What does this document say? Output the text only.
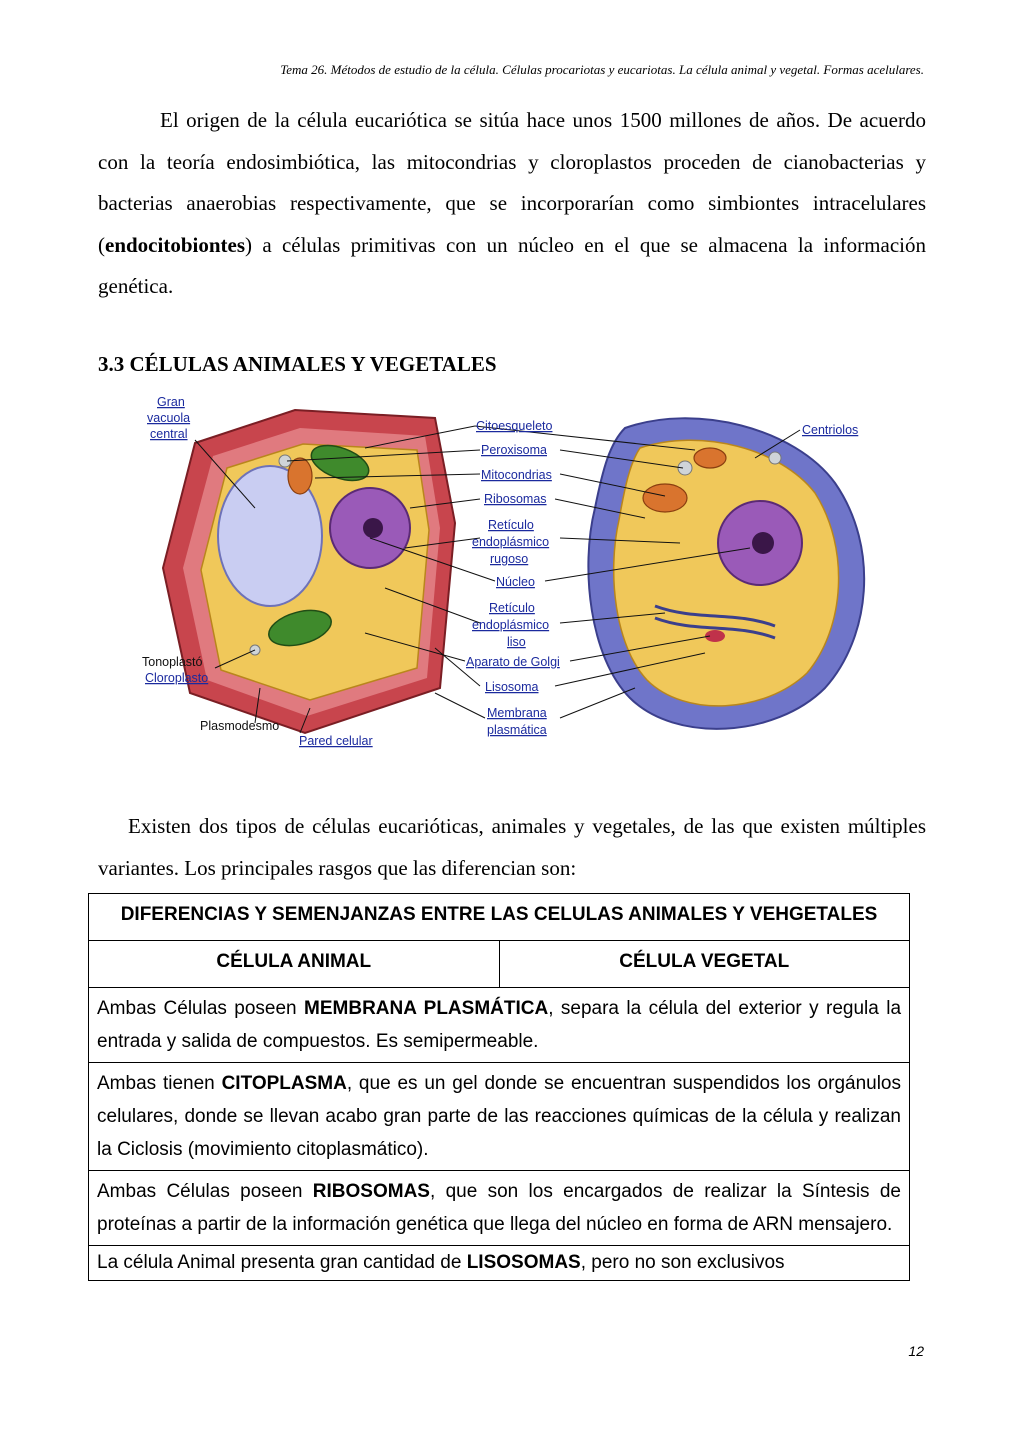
Tema 26. Métodos de estudio de la célula. Células procariotas y eucariotas. La célula animal y vegetal. Formas acelulares.
El origen de la célula eucariótica se sitúa hace unos 1500 millones de años. De acuerdo con la teoría endosimbiótica, las mitocondrias y cloroplastos proceden de cianobacterias y bacterias anaerobias respectivamente, que se incorporarían como simbiontes intracelulares (endocitobiontes) a células primitivas con un núcleo en el que se almacena la información genética.
3.3 CÉLULAS ANIMALES Y VEGETALES
Gran
vacuola
central
Citoesqueleto
Peroxisoma
Mitocondrias
Ribosomas
Retículo
endoplásmico
rugoso
Núcleo
Retículo
endoplásmico
liso
Aparato de Golgi
Lisosoma
Membrana
plasmática
Centriolos
Tonoplastó
Cloroplasto
Plasmodesmo
Pared celular
Existen dos tipos de células eucarióticas, animales y vegetales, de las que existen múltiples variantes. Los principales rasgos que las diferencian son:
DIFERENCIAS Y SEMENJANZAS ENTRE LAS CELULAS ANIMALES Y VEHGETALES
CÉLULA ANIMAL	CÉLULA VEGETAL
Ambas Células poseen MEMBRANA PLASMÁTICA, separa la célula del exterior y regula la entrada y salida de compuestos. Es semipermeable.
Ambas tienen CITOPLASMA, que es un gel donde se encuentran suspendidos los orgánulos celulares, donde se llevan acabo gran parte de las reacciones químicas de la célula y realizan la Ciclosis (movimiento citoplasmático).
Ambas Células poseen RIBOSOMAS, que son los encargados de realizar la Síntesis de proteínas a partir de la información genética que llega del núcleo en forma de ARN mensajero.
La célula Animal presenta gran cantidad de LISOSOMAS, pero no son exclusivos
12
